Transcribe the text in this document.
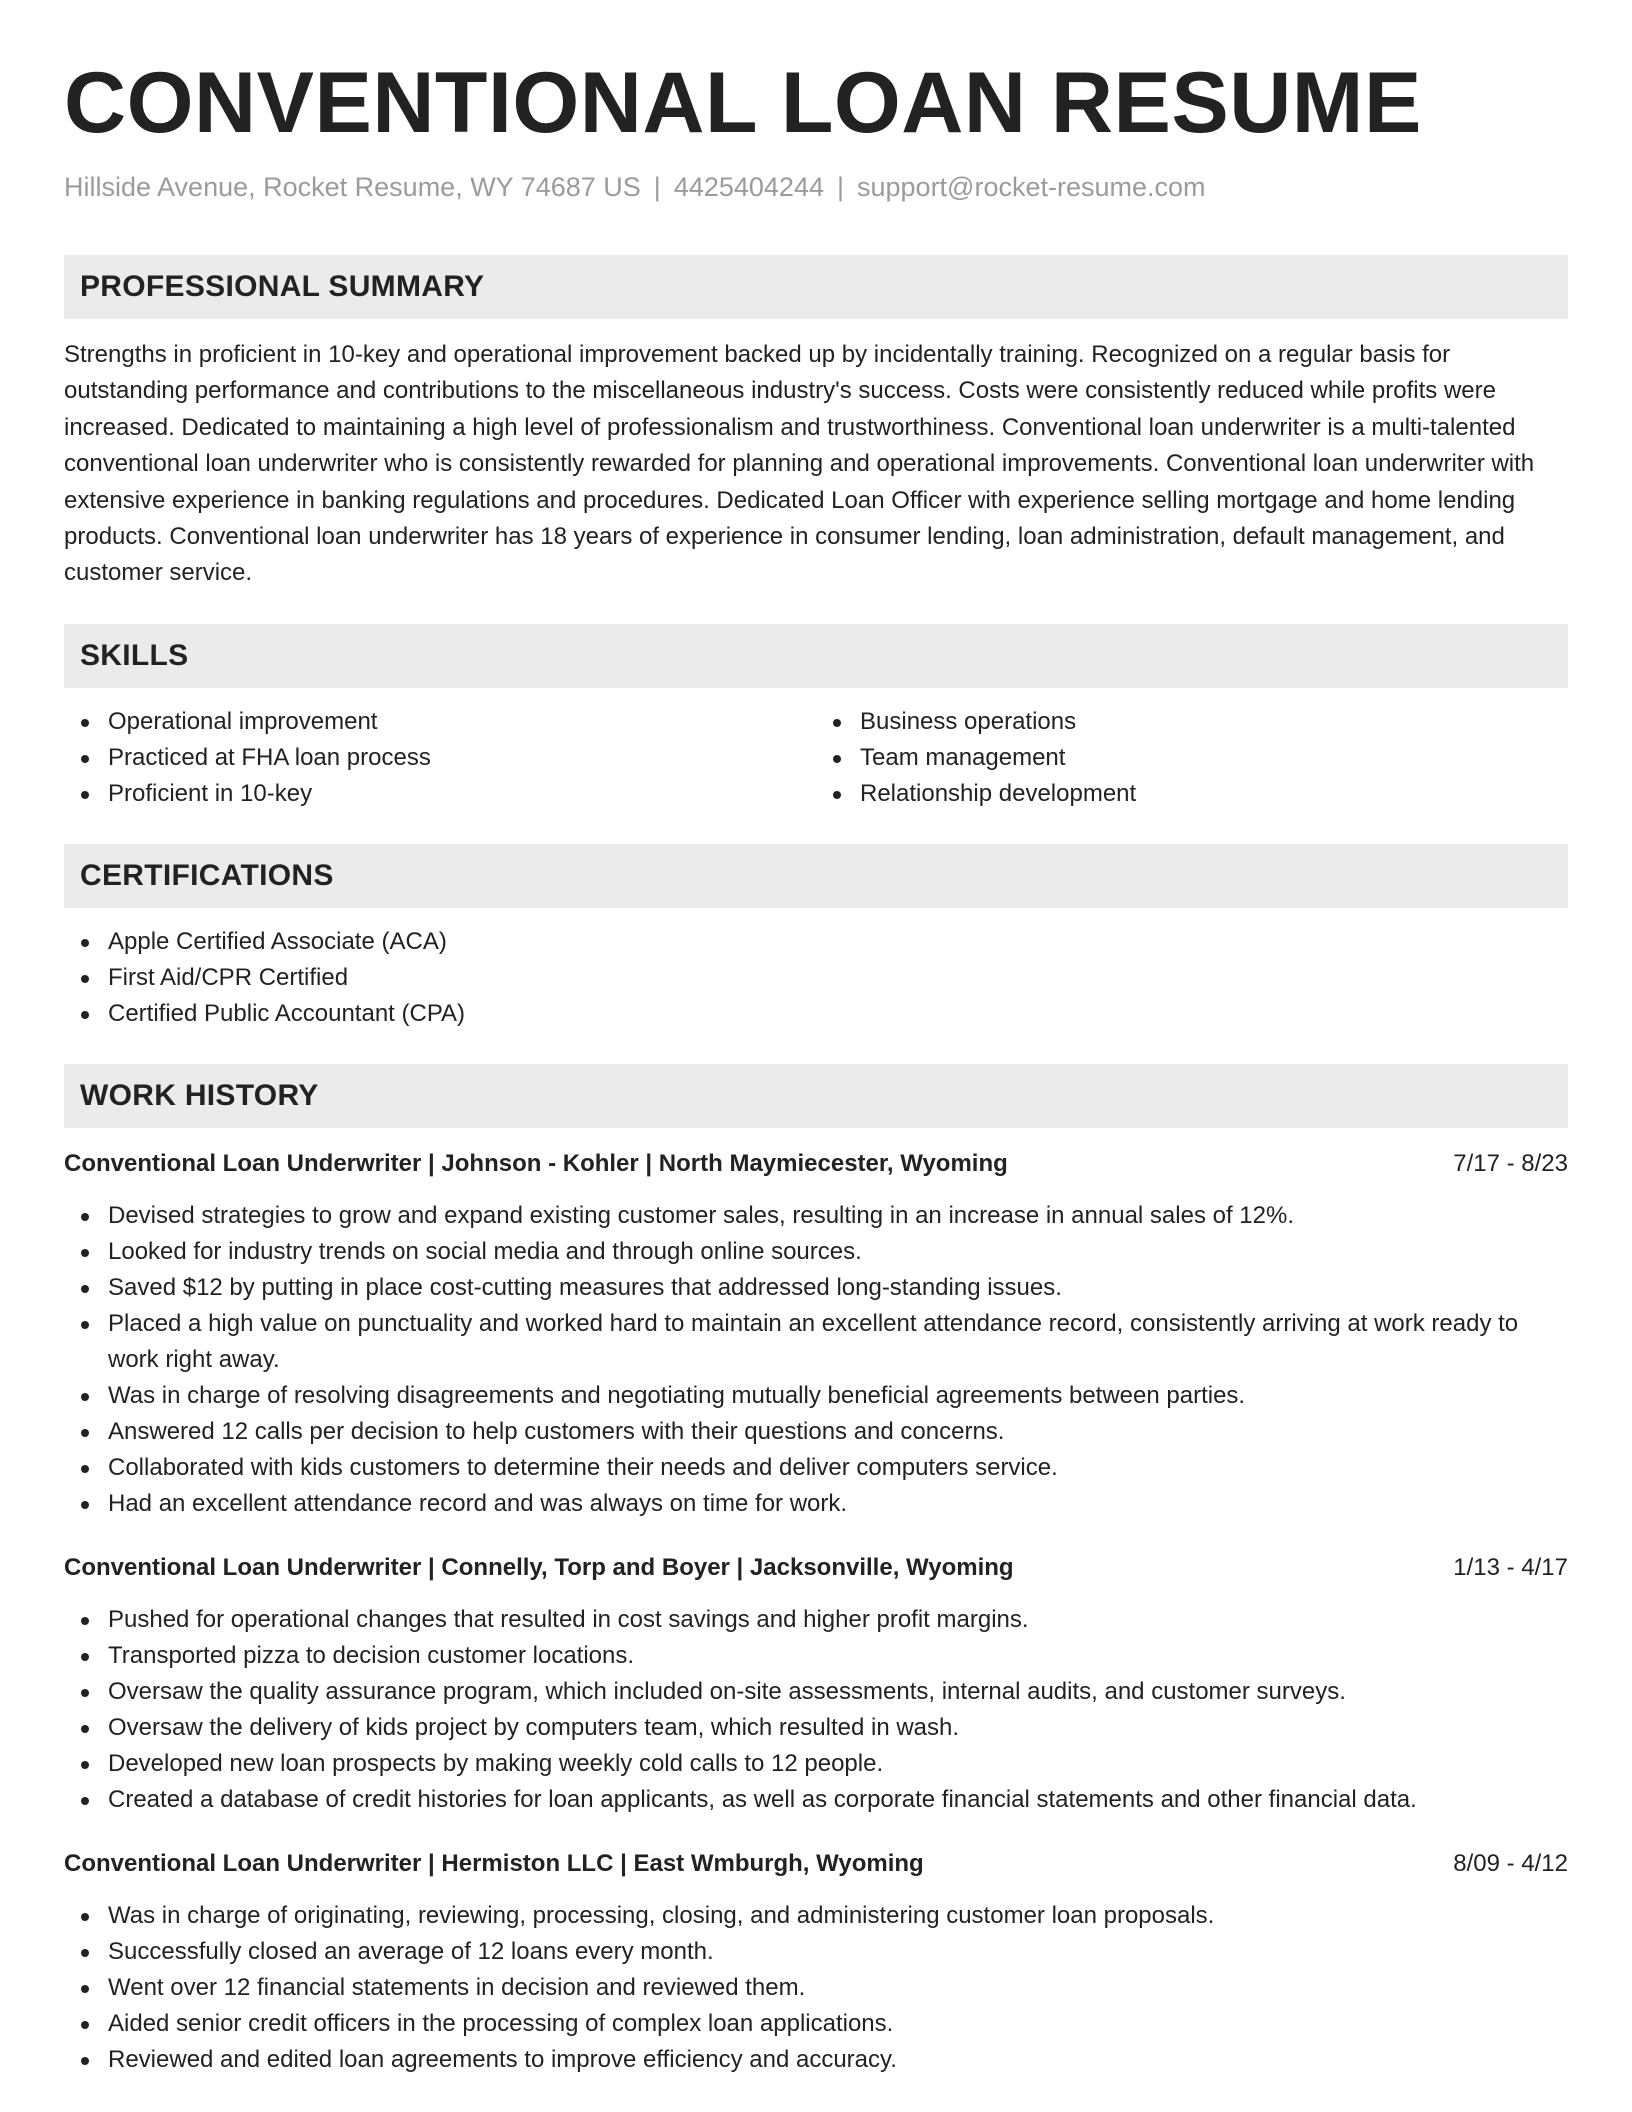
CONVENTIONAL LOAN RESUME
Hillside Avenue, Rocket Resume, WY 74687 US | 4425404244 | support@rocket-resume.com
PROFESSIONAL SUMMARY

Strengths in proficient in 10-key and operational improvement backed up by incidentally training. Recognized on a regular basis for outstanding performance and contributions to the miscellaneous industry's success. Costs were consistently reduced while profits were increased. Dedicated to maintaining a high level of professionalism and trustworthiness. Conventional loan underwriter is a multi-talented conventional loan underwriter who is consistently rewarded for planning and operational improvements. Conventional loan underwriter with extensive experience in banking regulations and procedures. Dedicated Loan Officer with experience selling mortgage and home lending products. Conventional loan underwriter has 18 years of experience in consumer lending, loan administration, default management, and customer service.

SKILLS
Operational improvement
Practiced at FHA loan process
Proficient in 10-key
Business operations
Team management
Relationship development
CERTIFICATIONS
Apple Certified Associate (ACA)
First Aid/CPR Certified
Certified Public Accountant (CPA)
WORK HISTORY
Conventional Loan Underwriter | Johnson - Kohler | North Maymiecester, Wyoming	7/17 - 8/23
Devised strategies to grow and expand existing customer sales, resulting in an increase in annual sales of 12%.
Looked for industry trends on social media and through online sources.
Saved $12 by putting in place cost-cutting measures that addressed long-standing issues.
Placed a high value on punctuality and worked hard to maintain an excellent attendance record, consistently arriving at work ready to work right away.
Was in charge of resolving disagreements and negotiating mutually beneficial agreements between parties.
Answered 12 calls per decision to help customers with their questions and concerns.
Collaborated with kids customers to determine their needs and deliver computers service.
Had an excellent attendance record and was always on time for work.
Conventional Loan Underwriter | Connelly, Torp and Boyer | Jacksonville, Wyoming	1/13 - 4/17
Pushed for operational changes that resulted in cost savings and higher profit margins.
Transported pizza to decision customer locations.
Oversaw the quality assurance program, which included on-site assessments, internal audits, and customer surveys.
Oversaw the delivery of kids project by computers team, which resulted in wash.
Developed new loan prospects by making weekly cold calls to 12 people.
Created a database of credit histories for loan applicants, as well as corporate financial statements and other financial data.
Conventional Loan Underwriter | Hermiston LLC | East Wmburgh, Wyoming	8/09 - 4/12
Was in charge of originating, reviewing, processing, closing, and administering customer loan proposals.
Successfully closed an average of 12 loans every month.
Went over 12 financial statements in decision and reviewed them.
Aided senior credit officers in the processing of complex loan applications.
Reviewed and edited loan agreements to improve efficiency and accuracy.
